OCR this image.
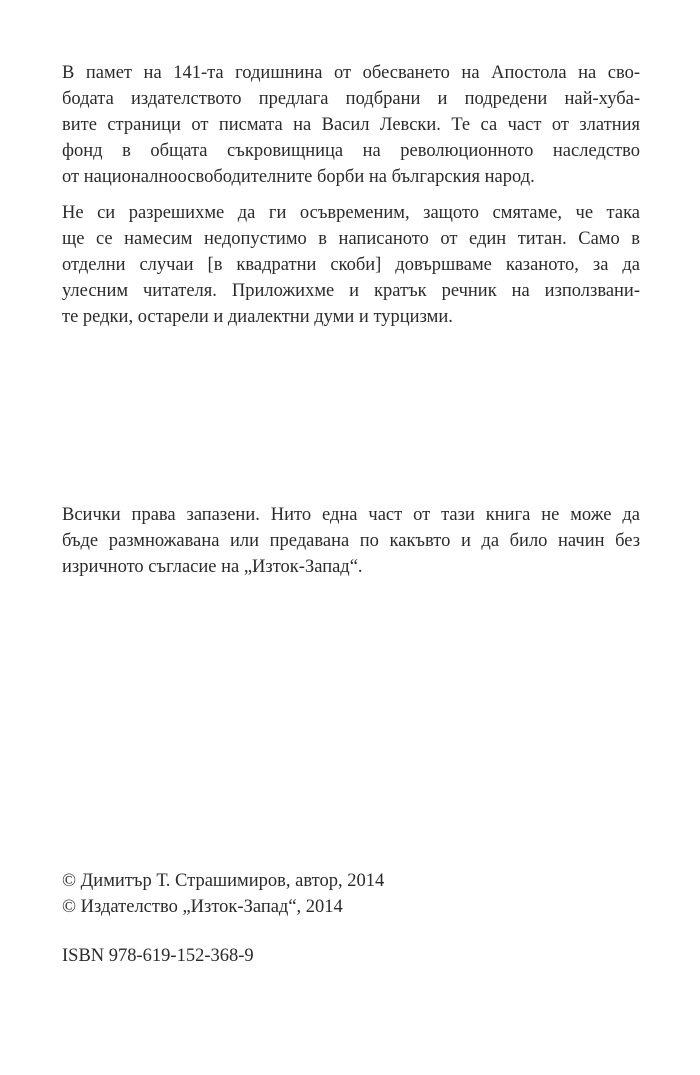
В памет на 141-та годишнина от обесването на Апостола на сво-
бодата издателството предлага подбрани и подредени най-хуба-
вите страници от писмата на Васил Левски. Те са част от златния
фонд в общата съкровищница на революционното наследство
от националноосвободителните борби на българския народ.
Не си разрешихме да ги осъвременим, защото смятаме, че така
ще се намесим недопустимо в написаното от един титан. Само в
отделни случаи [в квадратни скоби] довършваме казаното, за да
улесним читателя. Приложихме и кратък речник на използвани-
те редки, остарели и диалектни думи и турцизми.
Всички права запазени. Нито една част от тази книга не може да
бъде размножавана или предавана по какъвто и да било начин без
изричното съгласие на „Изток-Запад“.
© Димитър Т. Страшимиров, автор, 2014
© Издателство „Изток-Запад“, 2014
ISBN 978-619-152-368-9
